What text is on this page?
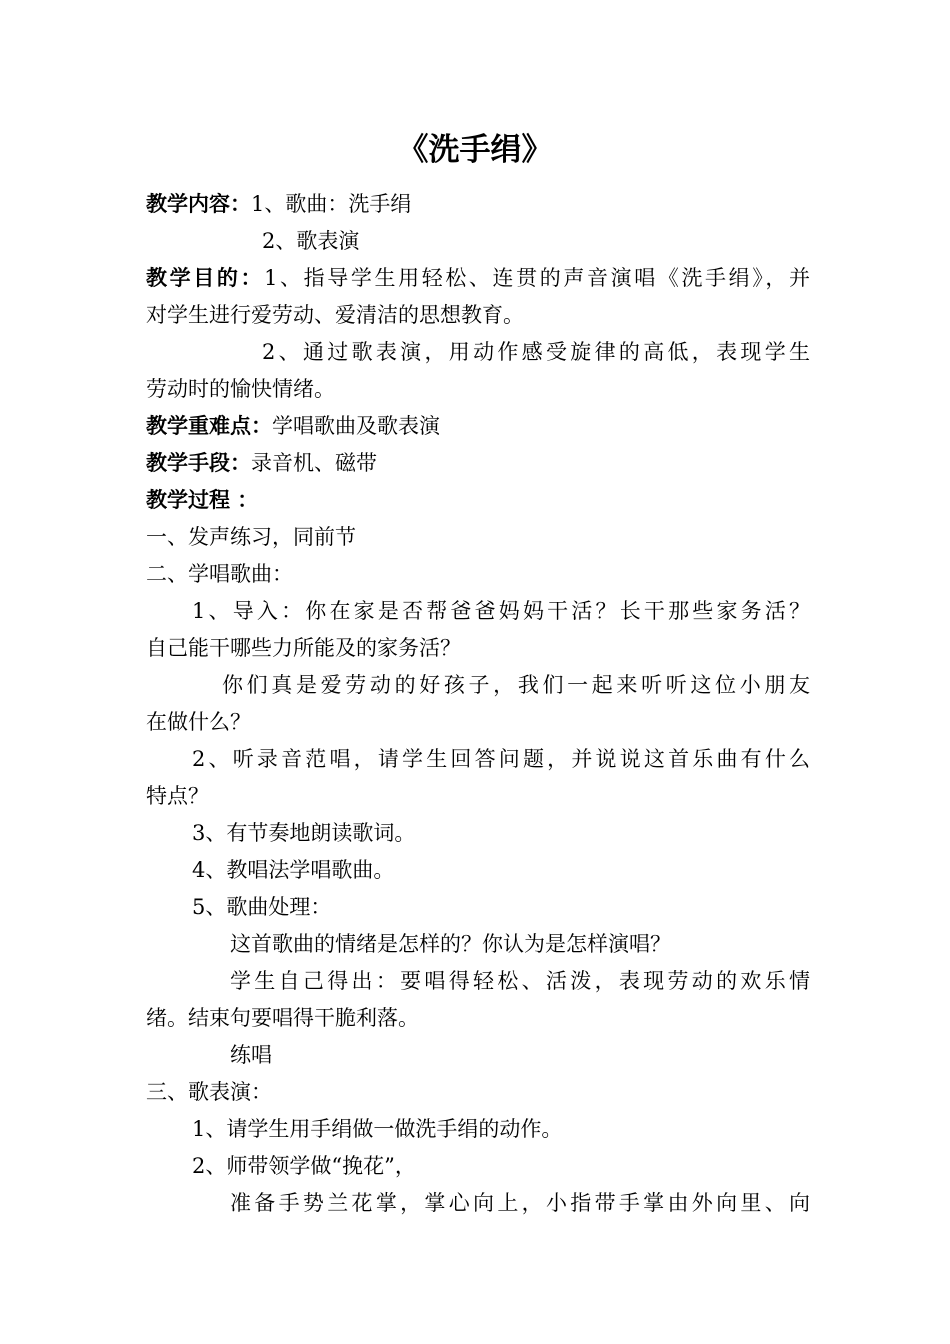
《洗手绢》

教学内容：1、歌曲：洗手绢

2、歌表演

教学目的：1、指导学生用轻松、连贯的声音演唱《洗手绢》，并

对学生进行爱劳动、爱清洁的思想教育。

2、通过歌表演，用动作感受旋律的高低，表现学生

劳动时的愉快情绪。

教学重难点：学唱歌曲及歌表演

教学手段：录音机、磁带

教学过程 ：

一、发声练习，同前节

二、学唱歌曲：

1、导入：你在家是否帮爸爸妈妈干活？长干那些家务活？

自己能干哪些力所能及的家务活？

你们真是爱劳动的好孩子，我们一起来听听这位小朋友

在做什么？

2、听录音范唱，请学生回答问题，并说说这首乐曲有什么

特点？

3、有节奏地朗读歌词。

4、教唱法学唱歌曲。

5、歌曲处理：

这首歌曲的情绪是怎样的？你认为是怎样演唱？

学生自己得出：要唱得轻松、活泼，表现劳动的欢乐情

绪。结束句要唱得干脆利落。

练唱

三、歌表演：

1、请学生用手绢做一做洗手绢的动作。

2、师带领学做“挽花”，

准备手势兰花掌，掌心向上，小指带手掌由外向里、向
